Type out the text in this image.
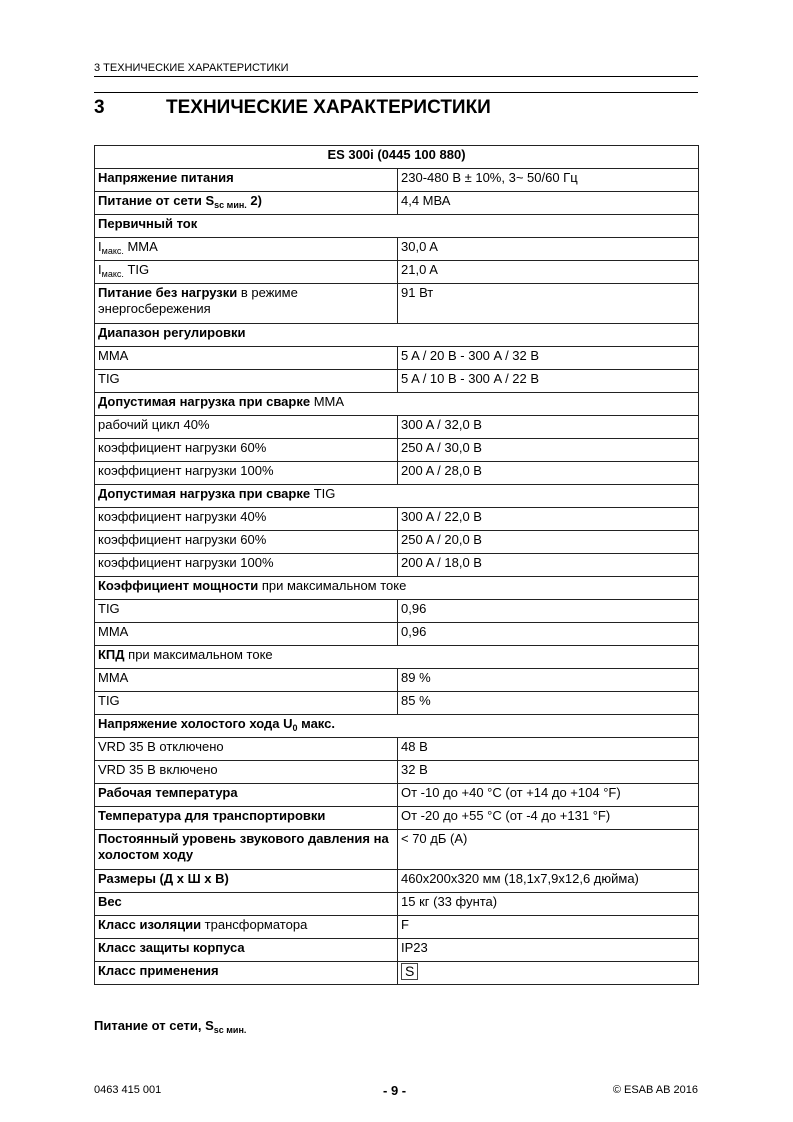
3 ТЕХНИЧЕСКИЕ ХАРАКТЕРИСТИКИ
3	ТЕХНИЧЕСКИЕ ХАРАКТЕРИСТИКИ
ES 300i (0445 100 880)	
Напряжение питания	230-480 В ± 10%, 3~ 50/60 Гц
Питание от сети $S_{sc мин.}$ 2)	4,4 МВА
Первичный ток	
$I_{макс.}$ MMA	30,0 A
$I_{макс.}$ TIG	21,0 A
Питание без нагрузки в режиме энергосбережения	91 Вт
Диапазон регулировки	
MMA	5 A / 20 В - 300 A / 32 В
TIG	5 A / 10 В - 300 A / 22 В
Допустимая нагрузка при сварке MMA	
рабочий цикл 40%	300 A / 32,0 В
коэффициент нагрузки 60%	250 A / 30,0 В
коэффициент нагрузки 100%	200 A / 28,0 В
Допустимая нагрузка при сварке TIG	
коэффициент нагрузки 40%	300 A / 22,0 В
коэффициент нагрузки 60%	250 A / 20,0 В
коэффициент нагрузки 100%	200 A / 18,0 В
Коэффициент мощности при максимальном токе	
TIG	0,96
MMA	0,96
КПД при максимальном токе	
MMA	89 %
TIG	85 %
Напряжение холостого хода $U_0$ макс.	
VRD 35 В отключено	48 В
VRD 35 В включено	32 В
Рабочая температура	От -10 до +40 °C (от +14 до +104 °F)
Температура для транспортировки	От -20 до +55 °C (от -4 до +131 °F)
Постоянный уровень звукового давления на холостом ходу	< 70 дБ (A)
Размеры (Д x Ш x В)	460x200x320 мм (18,1x7,9x12,6 дюйма)
Вес	15 кг (33 фунта)
Класс изоляции трансформатора	F
Класс защиты корпуса	IP23
Класс применения	S
Питание от сети, $S_{sc мин.}$
0463 415 001	- 9 -	© ESAB AB 2016
